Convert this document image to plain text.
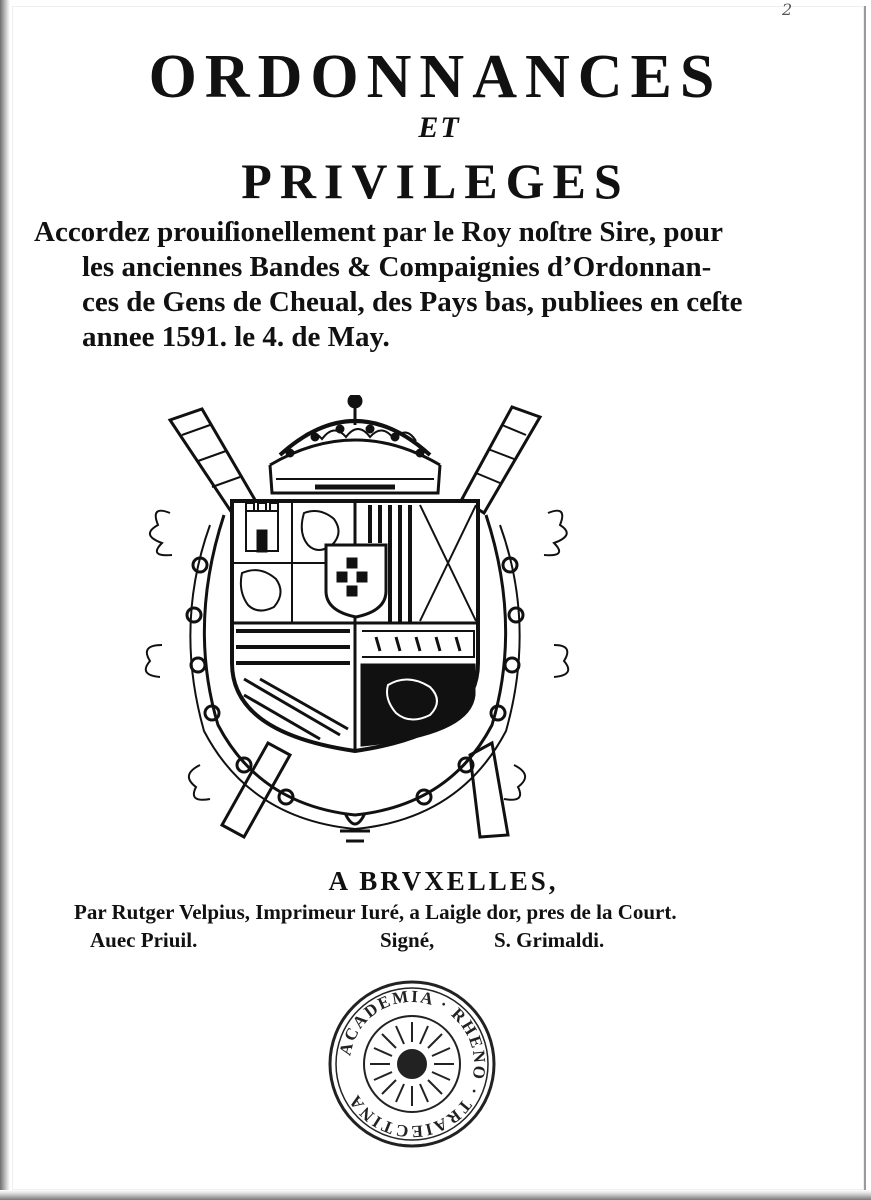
2
ORDONNANCES
ET
PRIVILEGES
Accordez prouiſionellement par le Roy noſtre Sire, pour
les anciennes Bandes & Compaignies d’Ordonnan-
ces de Gens de Cheual, des Pays bas, publiees en ceſte
annee 1591. le 4. de May.
A BRVXELLES,
Par Rutger Velpius, Imprimeur Iuré, a Laigle dor, pres de la Court.
Auec Priuil.	Signé,	S. Grimaldi.
ACADEMIA · RHENO · TRAIECTINA
